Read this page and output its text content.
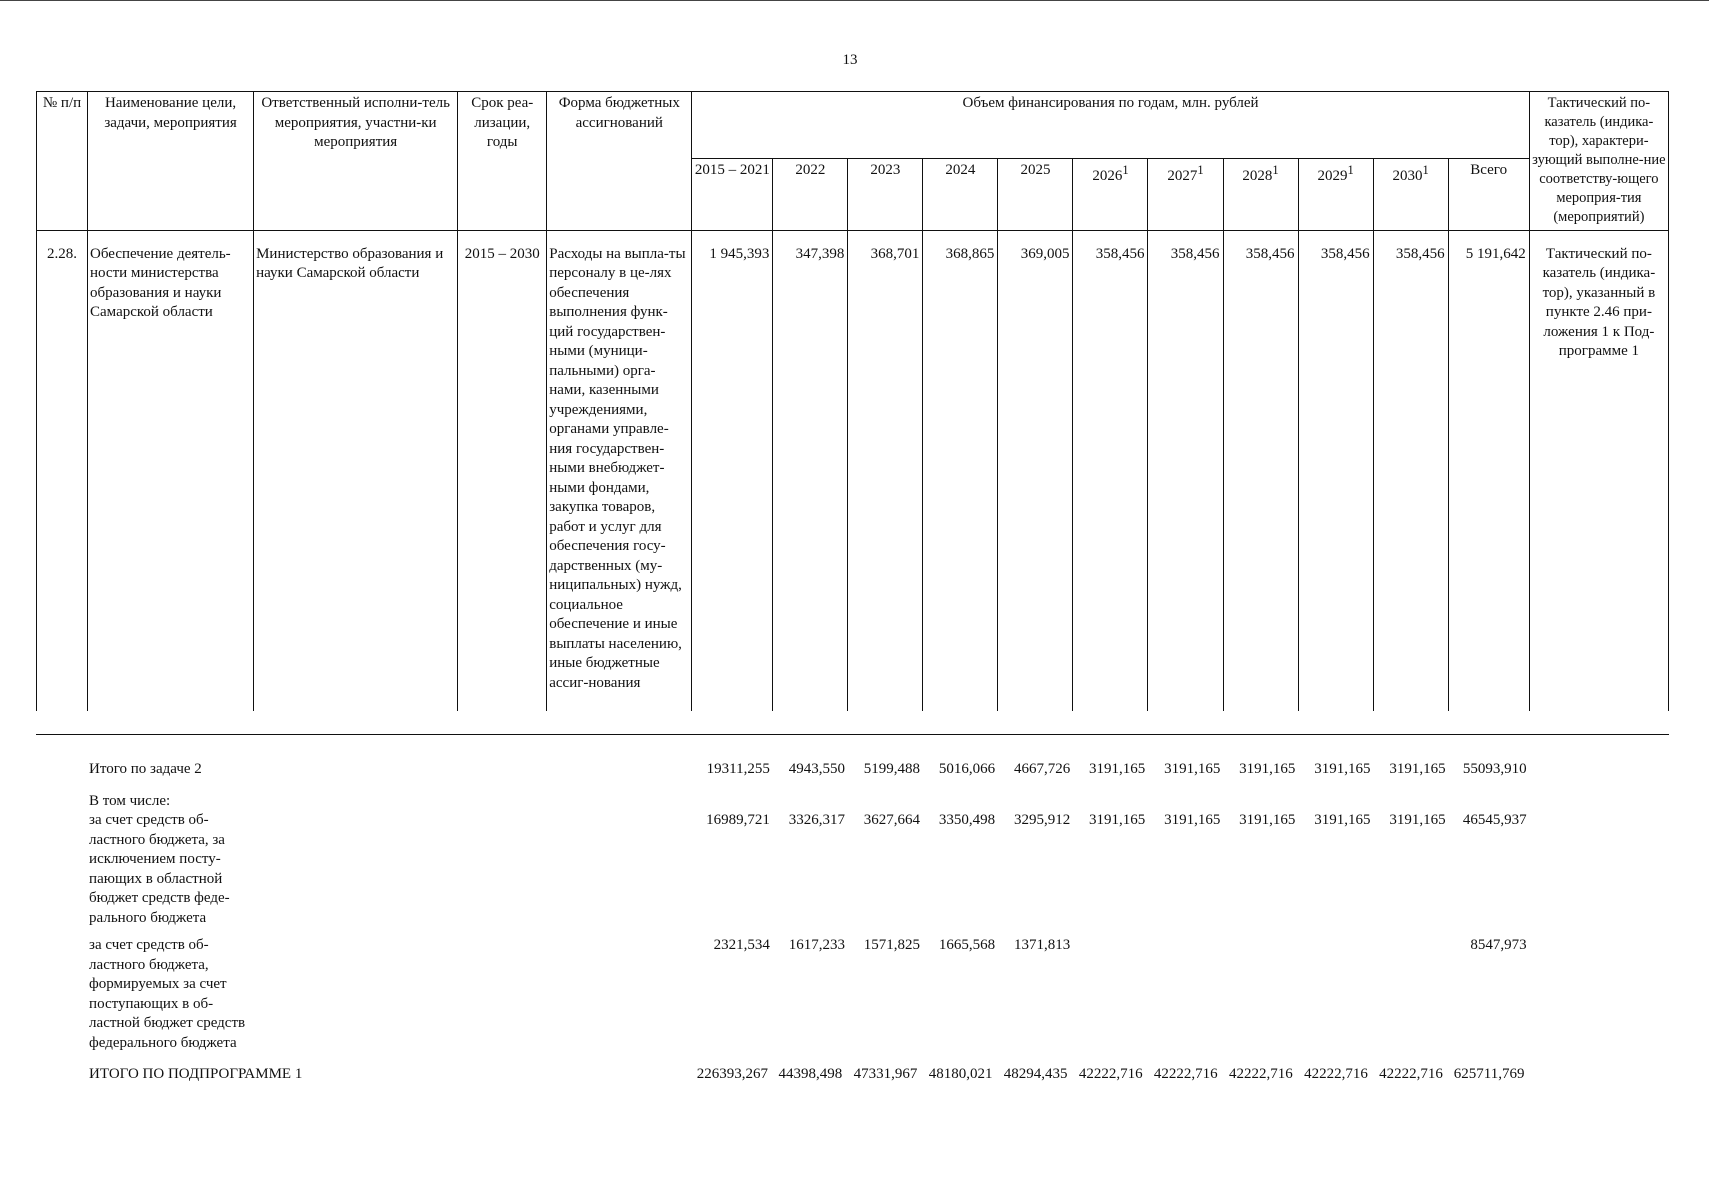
13
№ п/п	Наименование цели, задачи, мероприятия	Ответственный исполни-тель мероприятия, участни-ки мероприятия	Срок реа-лизации, годы	Форма бюджетных ассигнований	Объем финансирования по годам, млн. рублей											Тактический по-казатель (индика-тор), характери-зующий выполне-ние соответству-ющего мероприя-тия (мероприятий)
					2015 – 2021	2022	2023	2024	2025	2026$^1$	2027$^1$	2028$^1$	2029$^1$	2030$^1$	Всего	

2.28.	Обеспечение деятель-ности министерства образования и науки Самарской области	Министерство образования и науки Самарской области	2015 – 2030	Расходы на выпла-ты персоналу в це-лях обеспечения выполнения функ-ций государствен-ными (муници-пальными) орга-нами, казенными учреждениями, органами управле-ния государствен-ными внебюджет-ными фондами, закупка товаров, работ и услуг для обеспечения госу-дарственных (му-ниципальных) нужд, социальное обеспечение и иные выплаты населению, иные бюджетные ассиг-нования	1 945,393	347,398	368,701	368,865	369,005	358,456	358,456	358,456	358,456	358,456	5 191,642	Тактический по-казатель (индика-тор), указанный в пункте 2.46 при-ложения 1 к Под-программе 1
	Итого по задаче 2				19311,255	4943,550	5199,488	5016,066	4667,726	3191,165	3191,165	3191,165	3191,165	3191,165	55093,910	

	В том числе:															
	за счет средств об-ластного бюджета, за исключением посту-пающих в областной бюджет средств феде-рального бюджета				16989,721	3326,317	3627,664	3350,498	3295,912	3191,165	3191,165	3191,165	3191,165	3191,165	46545,937	

	за счет средств об-ластного бюджета, формируемых за счет поступающих в об-ластной бюджет средств федерального бюджета				2321,534	1617,233	1571,825	1665,568	1371,813						8547,973	

	ИТОГО ПО ПОДПРОГРАММЕ 1				226393,267	44398,498	47331,967	48180,021	48294,435	42222,716	42222,716	42222,716	42222,716	42222,716	625711,769	
